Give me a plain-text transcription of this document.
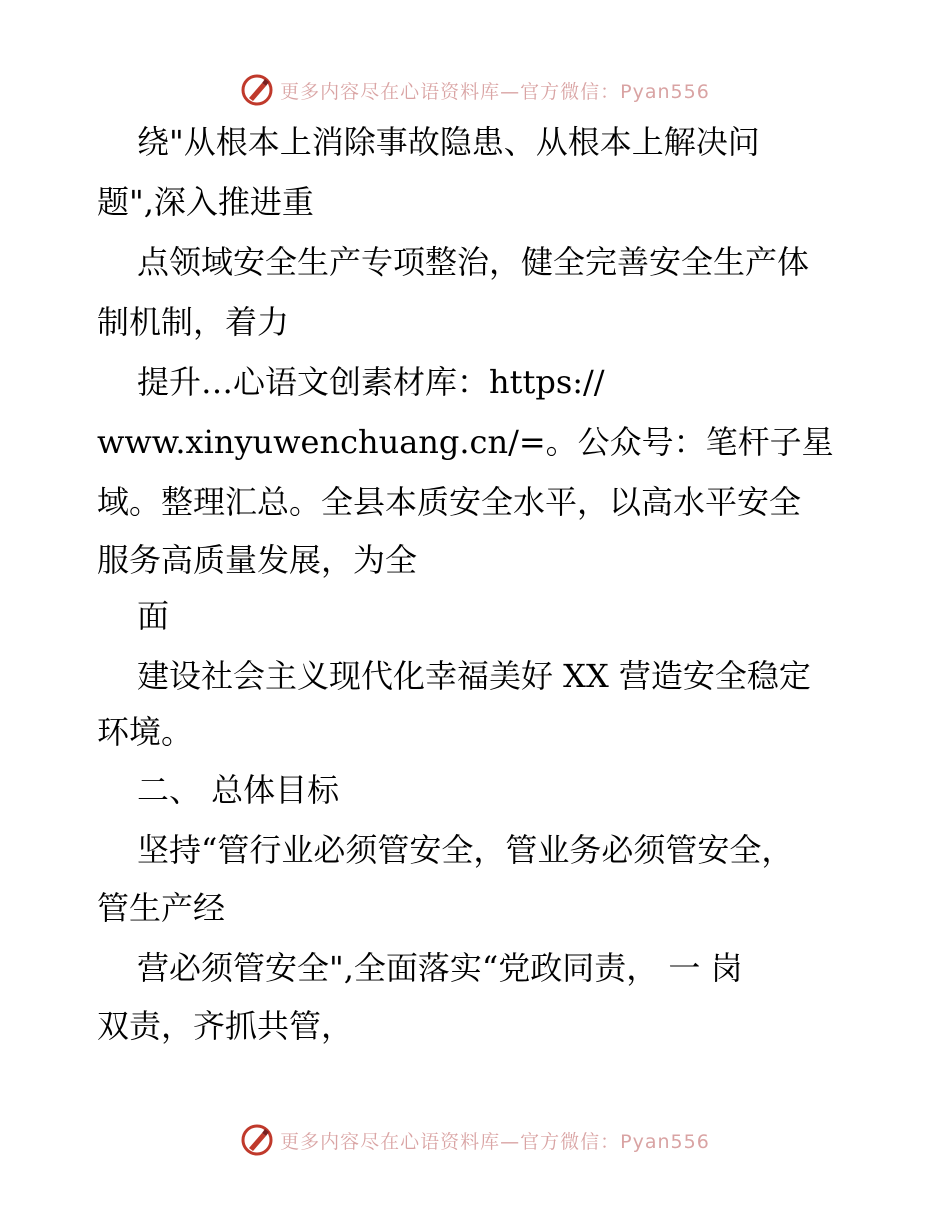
更多内容尽在心语资料库—官方微信：Pyan556
绕"从根本上消除事故隐患、从根本上解决问
题",深入推进重
点领域安全生产专项整治，健全完善安全生产体
制机制，着力
提升…心语文创素材库：https://
www.xinyuwenchuang.cn/=。公众号：笔杆子星
域。整理汇总。全县本质安全水平，以高水平安全
服务高质量发展，为全
面
建设社会主义现代化幸福美好 XX 营造安全稳定
环境。
二、 总体目标
坚持“管行业必须管安全，管业务必须管安全，
管生产经
营必须管安全",全面落实“党政同责， 一 岗
双责，齐抓共管，
更多内容尽在心语资料库—官方微信：Pyan556
